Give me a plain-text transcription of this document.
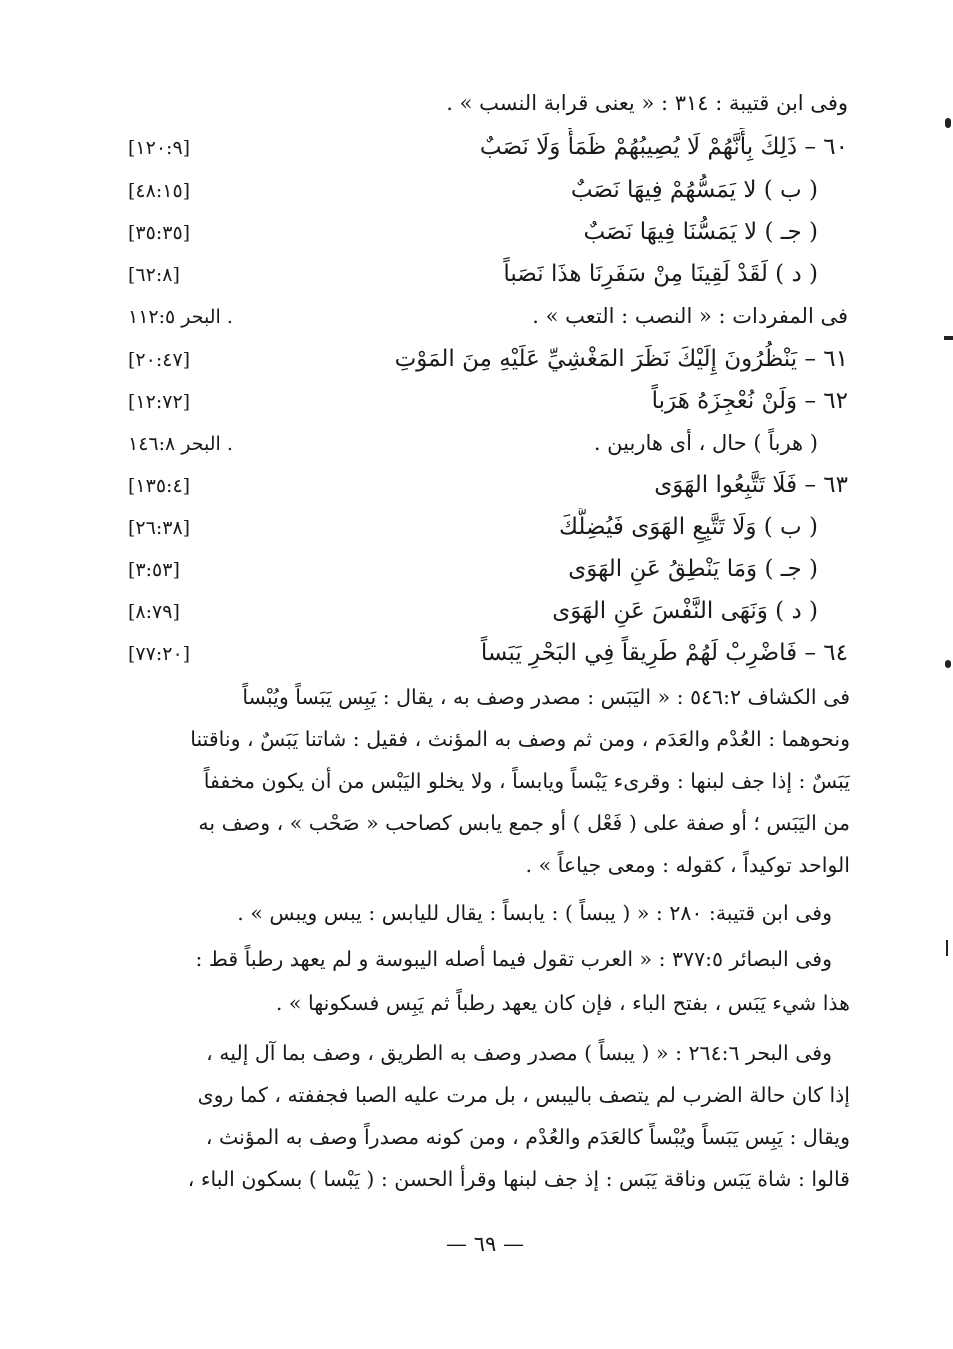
وفى ابن قتيبة : ٣١٤ : « يعنى قرابة النسب » .
٦٠ – ذَلِكَ بِأَنَّهُمْ لَا يُصِيبُهُمْ ظَمَأٌ وَلَا نَصَبٌ
[١٢٠:٩]
( ب ) لا يَمَسُّهُمْ فِيهَا نَصَبٌ
[٤٨:١٥]
( جـ ) لا يَمَسُّنَا فِيهَا نَصَبٌ
[٣٥:٣٥]
( د ) لَقَدْ لَقِينَا مِنْ سَفَرِنَا هذَا نَصَباً
[٦٢:٨]
فى المفردات : « النصب : التعب » .
البحر ١١٢:٥ .
٦١ – يَنْظُرُونَ إِلَيْكَ نَظَرَ المَغْشِيِّ عَلَيْهِ مِنَ المَوْتِ
[٢٠:٤٧]
٦٢ – وَلَنْ نُعْجِزَهُ هَرَباً
[١٢:٧٢]
( هرباً ) حال ، أى هاربين .
البحر ١٤٦:٨ .
٦٣ – فَلَا تَتَّبِعُوا الهَوَى
[١٣٥:٤]
( ب ) وَلَا تَتَّبِعِ الهَوَى فَيُضِلَّكَ
[٢٦:٣٨]
( جـ ) وَمَا يَنْطِقُ عَنِ الهَوَى
[٣:٥٣]
( د ) وَنَهَى النَّفْسَ عَنِ الهَوَى
[٨:٧٩]
٦٤ – فَاضْرِبْ لَهُمْ طَرِيقاً فِي البَحْرِ يَبَساً
[٧٧:٢٠]
فى الكشاف ٥٤٦:٢ : « اليَبَس : مصدر وصف به ، يقال : يَبِس يَبَساً ويُبْساً
ونحوهما : العُدْم والعَدَم ، ومن ثم وصف به المؤنث ، فقيل : شاتنا يَبَسٌ ، وناقتنا
يَبَسٌ : إذا جف لبنها : وقرىء يَبْساً ويابساً ، ولا يخلو اليَبْس من أن يكون مخففاً
من اليَبَس ؛ أو صفة على ( فَعْل ) أو جمع يابس كصاحب « صَحْب » ، وصف به
الواحد توكيداً ، كقوله : ومعى جياعاً » .
وفى ابن قتيبة: ٢٨٠ : « ( يبساً ) : يابساً : يقال لليابس : يبس ويبس » .
وفى البصائر ٣٧٧:٥ : « العرب تقول فيما أصله اليبوسة و لم يعهد رطباً قط :
هذا شيء يَبَس ، بفتح الباء ، فإن كان يعهد رطباً ثم يَبِس فسكونها » .
وفى البحر ٢٦٤:٦ : « ( يبساً ) مصدر وصف به الطريق ، وصف بما آل إليه ،
إذا كان حالة الضرب لم يتصف باليبس ، بل مرت عليه الصبا فجففته ، كما روى
ويقال : يَبِس يَبَساً ويُبْساً كالعَدَم والعُدْم ، ومن كونه مصدراً وصف به المؤنث ،
قالوا : شاة يَبَس وناقة يَبَس : إذ جف لبنها وقرأ الحسن : ( يَبْسا ) بسكون الباء ،
— ٦٩ —
